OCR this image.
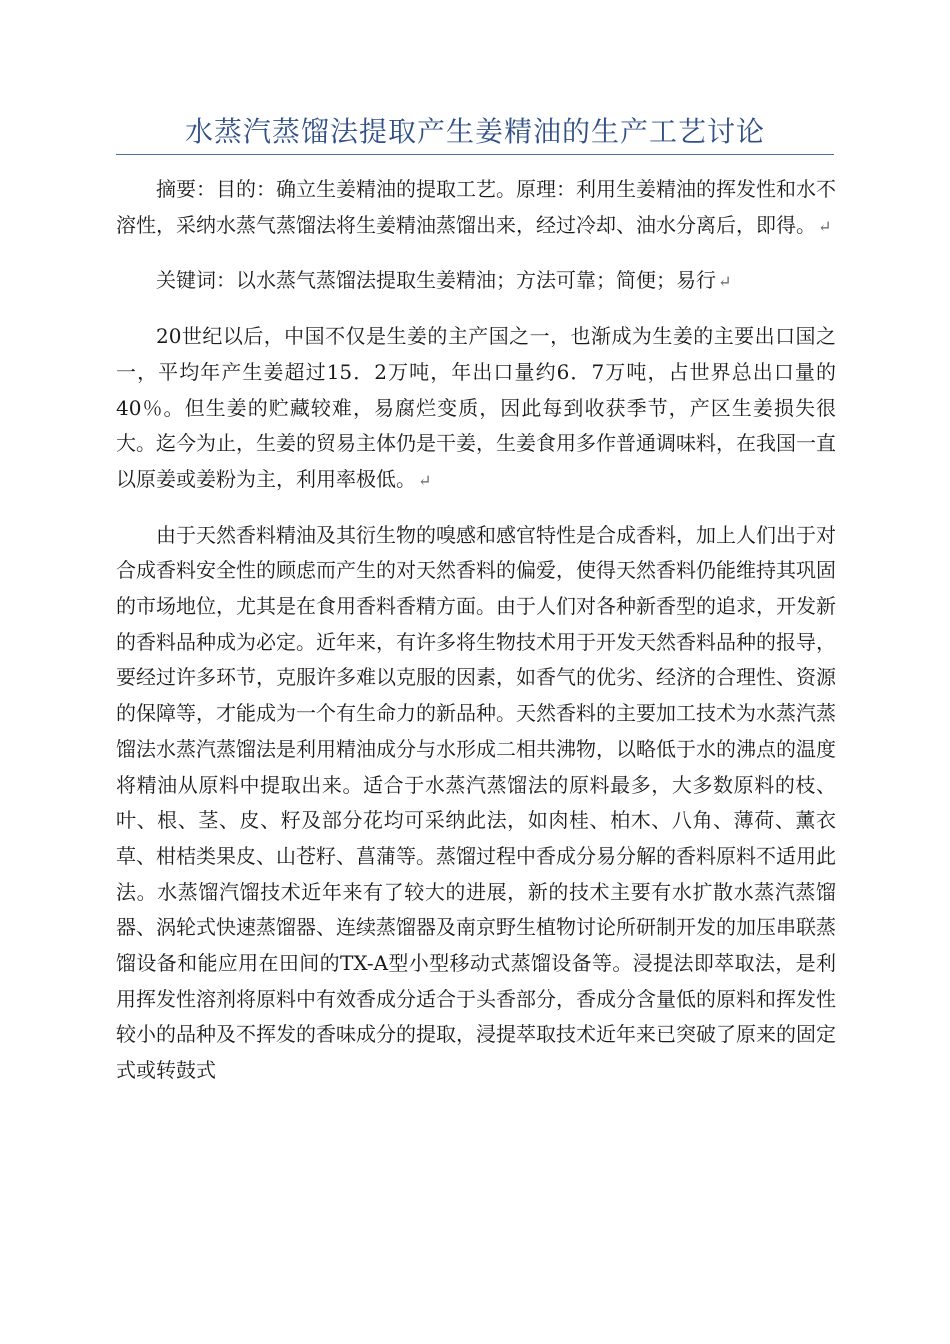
水蒸汽蒸馏法提取产生姜精油的生产工艺讨论

摘要：目的：确立生姜精油的提取工艺。原理：利用生姜精油的挥发性和水不溶性，采纳水蒸气蒸馏法将生姜精油蒸馏出来，经过冷却、油水分离后，即得。 ↵

关键词：以水蒸气蒸馏法提取生姜精油；方法可靠；简便；易行 ↵

20世纪以后，中国不仅是生姜的主产国之一，也渐成为生姜的主要出口国之一，平均年产生姜超过15．2万吨，年出口量约6．7万吨，占世界总出口量的40％。但生姜的贮藏较难，易腐烂变质，因此每到收获季节，产区生姜损失很大。迄今为止，生姜的贸易主体仍是干姜，生姜食用多作普通调味料，在我国一直以原姜或姜粉为主，利用率极低。 ↵

由于天然香料精油及其衍生物的嗅感和感官特性是合成香料，加上人们出于对合成香料安全性的顾虑而产生的对天然香料的偏爱，使得天然香料仍能维持其巩固的市场地位，尤其是在食用香料香精方面。由于人们对各种新香型的追求，开发新的香料品种成为必定。近年来，有许多将生物技术用于开发天然香料品种的报导，要经过许多环节，克服许多难以克服的因素，如香气的优劣、经济的合理性、资源的保障等，才能成为一个有生命力的新品种。天然香料的主要加工技术为水蒸汽蒸馏法水蒸汽蒸馏法是利用精油成分与水形成二相共沸物，以略低于水的沸点的温度将精油从原料中提取出来。适合于水蒸汽蒸馏法的原料最多，大多数原料的枝、叶、根、茎、皮、籽及部分花均可采纳此法，如肉桂、柏木、八角、薄荷、薰衣草、柑桔类果皮、山苍籽、菖蒲等。蒸馏过程中香成分易分解的香料原料不适用此法。水蒸馏汽馏技术近年来有了较大的进展，新的技术主要有水扩散水蒸汽蒸馏器、涡轮式快速蒸馏器、连续蒸馏器及南京野生植物讨论所研制开发的加压串联蒸馏设备和能应用在田间的TX-A型小型移动式蒸馏设备等。浸提法即萃取法，是利用挥发性溶剂将原料中有效香成分适合于头香部分，香成分含量低的原料和挥发性较小的品种及不挥发的香味成分的提取，浸提萃取技术近年来已突破了原来的固定式或转鼓式
